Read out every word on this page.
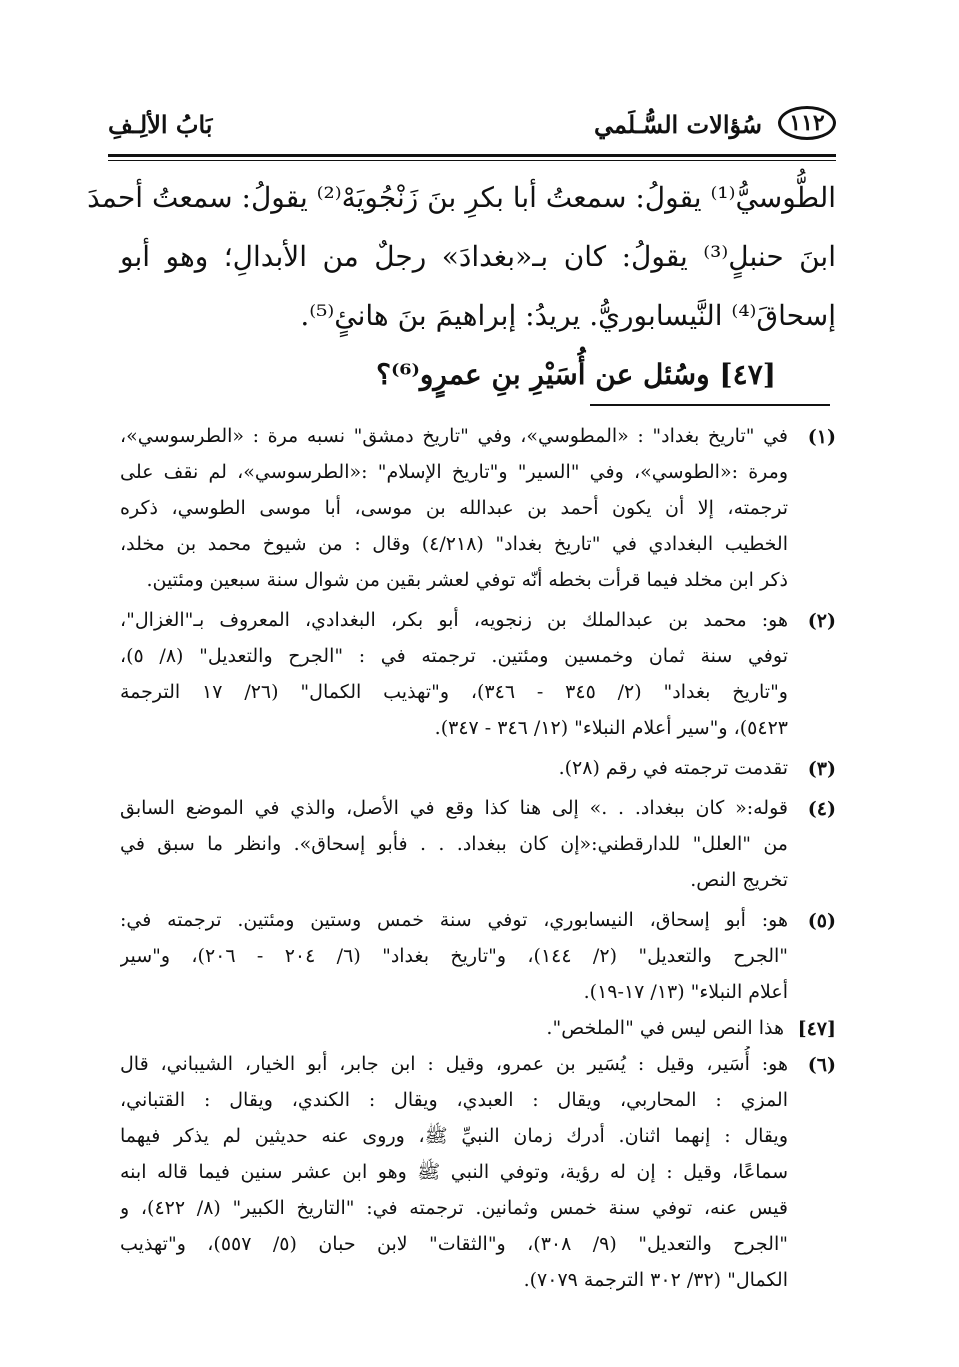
١١٢
سُؤالات السُّـلَمي
بَابُ الألِـفِ

الطُّوسيُّ⁽¹⁾ يقولُ: سمعتُ أبا بكرِ بنَ زَنْجُويَهْ⁽²⁾ يقولُ: سمعتُ أحمدَ

ابنَ حنبلٍ⁽³⁾ يقولُ: كان بـ«بغدادَ» رجلٌ من الأبدالِ؛ وهو أبو

إسحاقَ⁽⁴⁾ النَّيسابوريُّ. يريدُ: إبراهيمَ بنَ هانئٍ⁽⁵⁾.

[٤٧] وسُئل عن أُسَيْرِ بنِ عمرٍو⁽⁶⁾؟

(١)
في "تاريخ بغداد" : «المطوسي»، وفي "تاريخ دمشق" نسبه مرة : «الطرسوسي»،
ومرة :«الطوسي»، وفي "السير" و"تاريخ الإسلام" :«الطرسوسي»، لم نقف على
ترجمته، إلا أن يكون أحمد بن عبدالله بن موسى، أبا موسى الطوسي، ذكره
الخطيب البغدادي في "تاريخ بغداد" (٤/٢١٨) وقال : من شيوخ محمد بن مخلد،
ذكر ابن مخلد فيما قرأت بخطه أنّه توفي لعشر بقين من شوال سنة سبعين ومئتين.
(٢)
هو: محمد بن عبدالملك بن زنجويه، أبو بكر، البغدادي، المعروف بـ"الغزال"،
توفي سنة ثمان وخمسين ومئتين. ترجمته في : "الجرح والتعديل" (٨/ ٥)،
و"تاريخ بغداد" (٢/ ٣٤٥ - ٣٤٦)، و"تهذيب الكمال" (٢٦/ ١٧ الترجمة
٥٤٢٣)، و"سير أعلام النبلاء" (١٢/ ٣٤٦ - ٣٤٧).
(٣)
تقدمت ترجمته في رقم (٢٨).
(٤)
قوله:« كان ببغداد. . .» إلى هنا كذا وقع في الأصل، والذي في الموضع السابق
من "العلل" للدارقطني:«إن كان ببغداد. . . فأبو إسحاق». وانظر ما سبق في
تخريج النص.
(٥)
هو: أبو إسحاق، النيسابوري، توفي سنة خمس وستين ومئتين. ترجمته في:
"الجرح والتعديل" (٢/ ١٤٤)، و"تاريخ بغداد" (٦/ ٢٠٤ - ٢٠٦)، و"سير
أعلام النبلاء" (١٣/ ١٧-١٩).
[٤٧]
هذا النص ليس في "الملخص".
(٦)
هو: أُسَير، وقيل : يُسَير بن عمرو، وقيل : ابن جابر، أبو الخيار، الشيباني، قال
المزي : المحاربي، ويقال : العبدي، ويقال : الكندي، ويقال : القتباني،
ويقال : إنهما اثنان. أدرك زمان النبيِّ ﷺ، وروى عنه حديثين لم يذكر فيهما
سماعًا، وقيل : إن له رؤية، وتوفي النبي ﷺ وهو ابن عشر سنين فيما قاله ابنه
قيس عنه، توفي سنة خمس وثمانين. ترجمته في: "التاريخ الكبير" (٨/ ٤٢٢)، و
"الجرح والتعديل" (٩/ ٣٠٨)، و"الثقات" لابن حبان (٥/ ٥٥٧)، و"تهذيب
الكمال" (٣٢/ ٣٠٢ الترجمة ٧٠٧٩).
